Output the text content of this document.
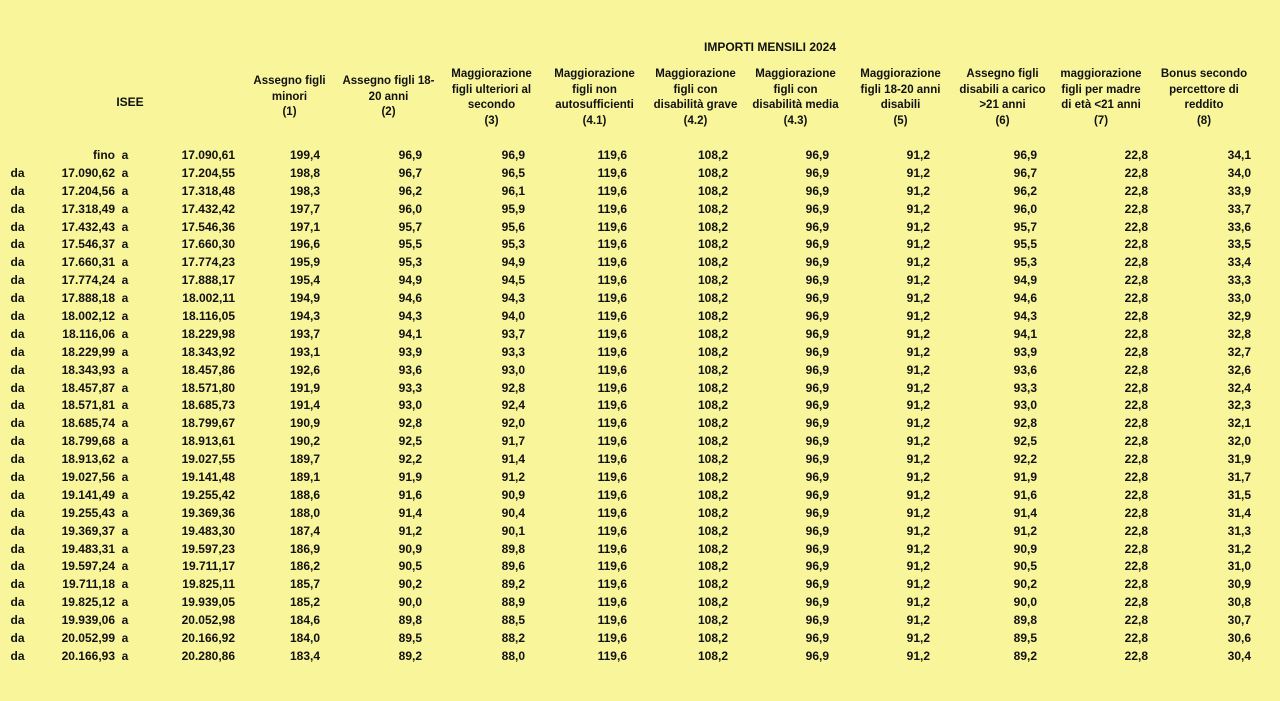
IMPORTI MENSILI 2024
ISEE
Assegno figli
minori
(1)
Assegno figli 18-
20 anni
(2)
Maggiorazione
figli ulteriori al
secondo
(3)
Maggiorazione
figli non
autosufficienti
(4.1)
Maggiorazione
figli con
disabilità grave
(4.2)
Maggiorazione
figli con
disabilità media
(4.3)
Maggiorazione
figli 18-20 anni
disabili
(5)
Assegno figli
disabili a carico
>21 anni
(6)
maggiorazione
figli per madre
di età <21 anni
(7)
Bonus secondo
percettore di
reddito
(8)
	fino	a	17.090,61	199,4	96,9	96,9	119,6	108,2	96,9	91,2	96,9	22,8	34,1
da	17.090,62	a	17.204,55	198,8	96,7	96,5	119,6	108,2	96,9	91,2	96,7	22,8	34,0
da	17.204,56	a	17.318,48	198,3	96,2	96,1	119,6	108,2	96,9	91,2	96,2	22,8	33,9
da	17.318,49	a	17.432,42	197,7	96,0	95,9	119,6	108,2	96,9	91,2	96,0	22,8	33,7
da	17.432,43	a	17.546,36	197,1	95,7	95,6	119,6	108,2	96,9	91,2	95,7	22,8	33,6
da	17.546,37	a	17.660,30	196,6	95,5	95,3	119,6	108,2	96,9	91,2	95,5	22,8	33,5
da	17.660,31	a	17.774,23	195,9	95,3	94,9	119,6	108,2	96,9	91,2	95,3	22,8	33,4
da	17.774,24	a	17.888,17	195,4	94,9	94,5	119,6	108,2	96,9	91,2	94,9	22,8	33,3
da	17.888,18	a	18.002,11	194,9	94,6	94,3	119,6	108,2	96,9	91,2	94,6	22,8	33,0
da	18.002,12	a	18.116,05	194,3	94,3	94,0	119,6	108,2	96,9	91,2	94,3	22,8	32,9
da	18.116,06	a	18.229,98	193,7	94,1	93,7	119,6	108,2	96,9	91,2	94,1	22,8	32,8
da	18.229,99	a	18.343,92	193,1	93,9	93,3	119,6	108,2	96,9	91,2	93,9	22,8	32,7
da	18.343,93	a	18.457,86	192,6	93,6	93,0	119,6	108,2	96,9	91,2	93,6	22,8	32,6
da	18.457,87	a	18.571,80	191,9	93,3	92,8	119,6	108,2	96,9	91,2	93,3	22,8	32,4
da	18.571,81	a	18.685,73	191,4	93,0	92,4	119,6	108,2	96,9	91,2	93,0	22,8	32,3
da	18.685,74	a	18.799,67	190,9	92,8	92,0	119,6	108,2	96,9	91,2	92,8	22,8	32,1
da	18.799,68	a	18.913,61	190,2	92,5	91,7	119,6	108,2	96,9	91,2	92,5	22,8	32,0
da	18.913,62	a	19.027,55	189,7	92,2	91,4	119,6	108,2	96,9	91,2	92,2	22,8	31,9
da	19.027,56	a	19.141,48	189,1	91,9	91,2	119,6	108,2	96,9	91,2	91,9	22,8	31,7
da	19.141,49	a	19.255,42	188,6	91,6	90,9	119,6	108,2	96,9	91,2	91,6	22,8	31,5
da	19.255,43	a	19.369,36	188,0	91,4	90,4	119,6	108,2	96,9	91,2	91,4	22,8	31,4
da	19.369,37	a	19.483,30	187,4	91,2	90,1	119,6	108,2	96,9	91,2	91,2	22,8	31,3
da	19.483,31	a	19.597,23	186,9	90,9	89,8	119,6	108,2	96,9	91,2	90,9	22,8	31,2
da	19.597,24	a	19.711,17	186,2	90,5	89,6	119,6	108,2	96,9	91,2	90,5	22,8	31,0
da	19.711,18	a	19.825,11	185,7	90,2	89,2	119,6	108,2	96,9	91,2	90,2	22,8	30,9
da	19.825,12	a	19.939,05	185,2	90,0	88,9	119,6	108,2	96,9	91,2	90,0	22,8	30,8
da	19.939,06	a	20.052,98	184,6	89,8	88,5	119,6	108,2	96,9	91,2	89,8	22,8	30,7
da	20.052,99	a	20.166,92	184,0	89,5	88,2	119,6	108,2	96,9	91,2	89,5	22,8	30,6
da	20.166,93	a	20.280,86	183,4	89,2	88,0	119,6	108,2	96,9	91,2	89,2	22,8	30,4
